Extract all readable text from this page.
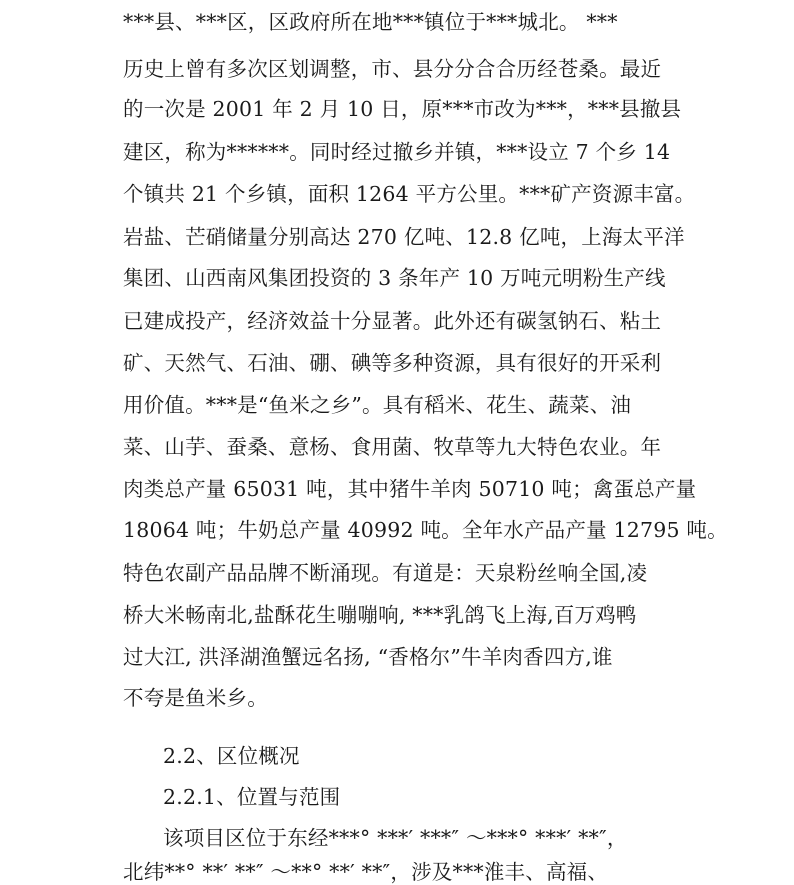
***县、***区，区政府所在地***镇位于***城北。 ***
历史上曾有多次区划调整，市、县分分合合历经苍桑。最近
的一次是 2001 年 2 月 10 日，原***市改为***，***县撤县
建区，称为******。同时经过撤乡并镇，***设立 7 个乡 14
个镇共 21 个乡镇，面积 1264 平方公里。***矿产资源丰富。
岩盐、芒硝储量分别高达 270 亿吨、12.8 亿吨，上海太平洋
集团、山西南风集团投资的 3 条年产 10 万吨元明粉生产线
已建成投产，经济效益十分显著。此外还有碳氢钠石、粘土
矿、天然气、石油、硼、碘等多种资源，具有很好的开采利
用价值。***是“鱼米之乡”。具有稻米、花生、蔬菜、油
菜、山芋、蚕桑、意杨、食用菌、牧草等九大特色农业。年
肉类总产量 65031 吨，其中猪牛羊肉 50710 吨；禽蛋总产量
18064 吨；牛奶总产量 40992 吨。全年水产品产量 12795 吨。
特色农副产品品牌不断涌现。有道是：天泉粉丝响全国,凌
桥大米畅南北,盐酥花生嘣嘣响, ***乳鸽飞上海,百万鸡鸭
过大江, 洪泽湖渔蟹远名扬, “香格尔”牛羊肉香四方,谁
不夸是鱼米乡。
2.2、区位概况
2.2.1、位置与范围
该项目区位于东经***° ***′ ***″ ～***° ***′ **″，
北纬**° **′ **″ ～**° **′ **″，涉及***淮丰、高福、
